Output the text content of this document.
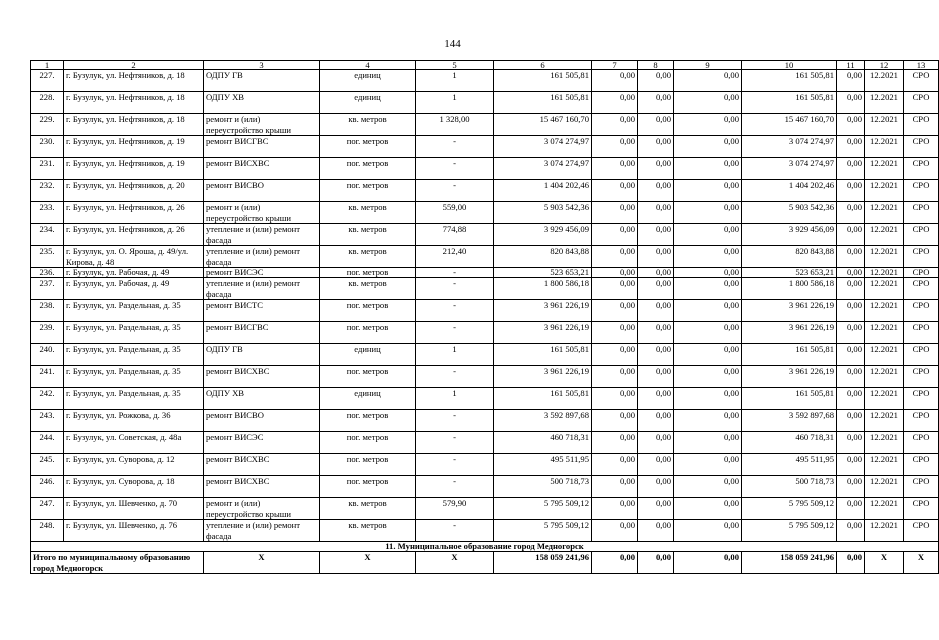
144
1	2	3	4	5	6	7	8	9	10	11	12	13
227.	г. Бузулук, ул. Нефтяников, д. 18	ОДПУ ГВ	единиц	1	161 505,81	0,00	0,00	0,00	161 505,81	0,00	12.2021	СРО
228.	г. Бузулук, ул. Нефтяников, д. 18	ОДПУ ХВ	единиц	1	161 505,81	0,00	0,00	0,00	161 505,81	0,00	12.2021	СРО
229.	г. Бузулук, ул. Нефтяников, д. 18	ремонт и (или) переустройство крыши	кв. метров	1 328,00	15 467 160,70	0,00	0,00	0,00	15 467 160,70	0,00	12.2021	СРО
230.	г. Бузулук, ул. Нефтяников, д. 19	ремонт ВИСГВС	пог. метров	-	3 074 274,97	0,00	0,00	0,00	3 074 274,97	0,00	12.2021	СРО
231.	г. Бузулук, ул. Нефтяников, д. 19	ремонт ВИСХВС	пог. метров	-	3 074 274,97	0,00	0,00	0,00	3 074 274,97	0,00	12.2021	СРО
232.	г. Бузулук, ул. Нефтяников, д. 20	ремонт ВИСВО	пог. метров	-	1 404 202,46	0,00	0,00	0,00	1 404 202,46	0,00	12.2021	СРО
233.	г. Бузулук, ул. Нефтяников, д. 26	ремонт и (или) переустройство крыши	кв. метров	559,00	5 903 542,36	0,00	0,00	0,00	5 903 542,36	0,00	12.2021	СРО
234.	г. Бузулук, ул. Нефтяников, д. 26	утепление и (или) ремонт фасада	кв. метров	774,88	3 929 456,09	0,00	0,00	0,00	3 929 456,09	0,00	12.2021	СРО
235.	г. Бузулук, ул. О. Яроша, д. 49/ул. Кирова, д. 48	утепление и (или) ремонт фасада	кв. метров	212,40	820 843,88	0,00	0,00	0,00	820 843,88	0,00	12.2021	СРО
236.	г. Бузулук, ул. Рабочая, д. 49	ремонт ВИСЭС	пог. метров	-	523 653,21	0,00	0,00	0,00	523 653,21	0,00	12.2021	СРО
237.	г. Бузулук, ул. Рабочая, д. 49	утепление и (или) ремонт фасада	кв. метров	-	1 800 586,18	0,00	0,00	0,00	1 800 586,18	0,00	12.2021	СРО
238.	г. Бузулук, ул. Раздельная, д. 35	ремонт ВИСТС	пог. метров	-	3 961 226,19	0,00	0,00	0,00	3 961 226,19	0,00	12.2021	СРО
239.	г. Бузулук, ул. Раздельная, д. 35	ремонт ВИСГВС	пог. метров	-	3 961 226,19	0,00	0,00	0,00	3 961 226,19	0,00	12.2021	СРО
240.	г. Бузулук, ул. Раздельная, д. 35	ОДПУ ГВ	единиц	1	161 505,81	0,00	0,00	0,00	161 505,81	0,00	12.2021	СРО
241.	г. Бузулук, ул. Раздельная, д. 35	ремонт ВИСХВС	пог. метров	-	3 961 226,19	0,00	0,00	0,00	3 961 226,19	0,00	12.2021	СРО
242.	г. Бузулук, ул. Раздельная, д. 35	ОДПУ ХВ	единиц	1	161 505,81	0,00	0,00	0,00	161 505,81	0,00	12.2021	СРО
243.	г. Бузулук, ул. Рожкова, д. 36	ремонт ВИСВО	пог. метров	-	3 592 897,68	0,00	0,00	0,00	3 592 897,68	0,00	12.2021	СРО
244.	г. Бузулук, ул. Советская, д. 48а	ремонт ВИСЭС	пог. метров	-	460 718,31	0,00	0,00	0,00	460 718,31	0,00	12.2021	СРО
245.	г. Бузулук, ул. Суворова, д. 12	ремонт ВИСХВС	пог. метров	-	495 511,95	0,00	0,00	0,00	495 511,95	0,00	12.2021	СРО
246.	г. Бузулук, ул. Суворова, д. 18	ремонт ВИСХВС	пог. метров	-	500 718,73	0,00	0,00	0,00	500 718,73	0,00	12.2021	СРО
247.	г. Бузулук, ул. Шевченко, д. 70	ремонт и (или) переустройство крыши	кв. метров	579,90	5 795 509,12	0,00	0,00	0,00	5 795 509,12	0,00	12.2021	СРО
248.	г. Бузулук, ул. Шевченко, д. 76	утепление и (или) ремонт фасада	кв. метров	-	5 795 509,12	0,00	0,00	0,00	5 795 509,12	0,00	12.2021	СРО
11. Муниципальное образование город Медногорск												
Итого по муниципальному образованию город Медногорск		Х	Х	Х	158 059 241,96	0,00	0,00	0,00	158 059 241,96	0,00	Х	Х
